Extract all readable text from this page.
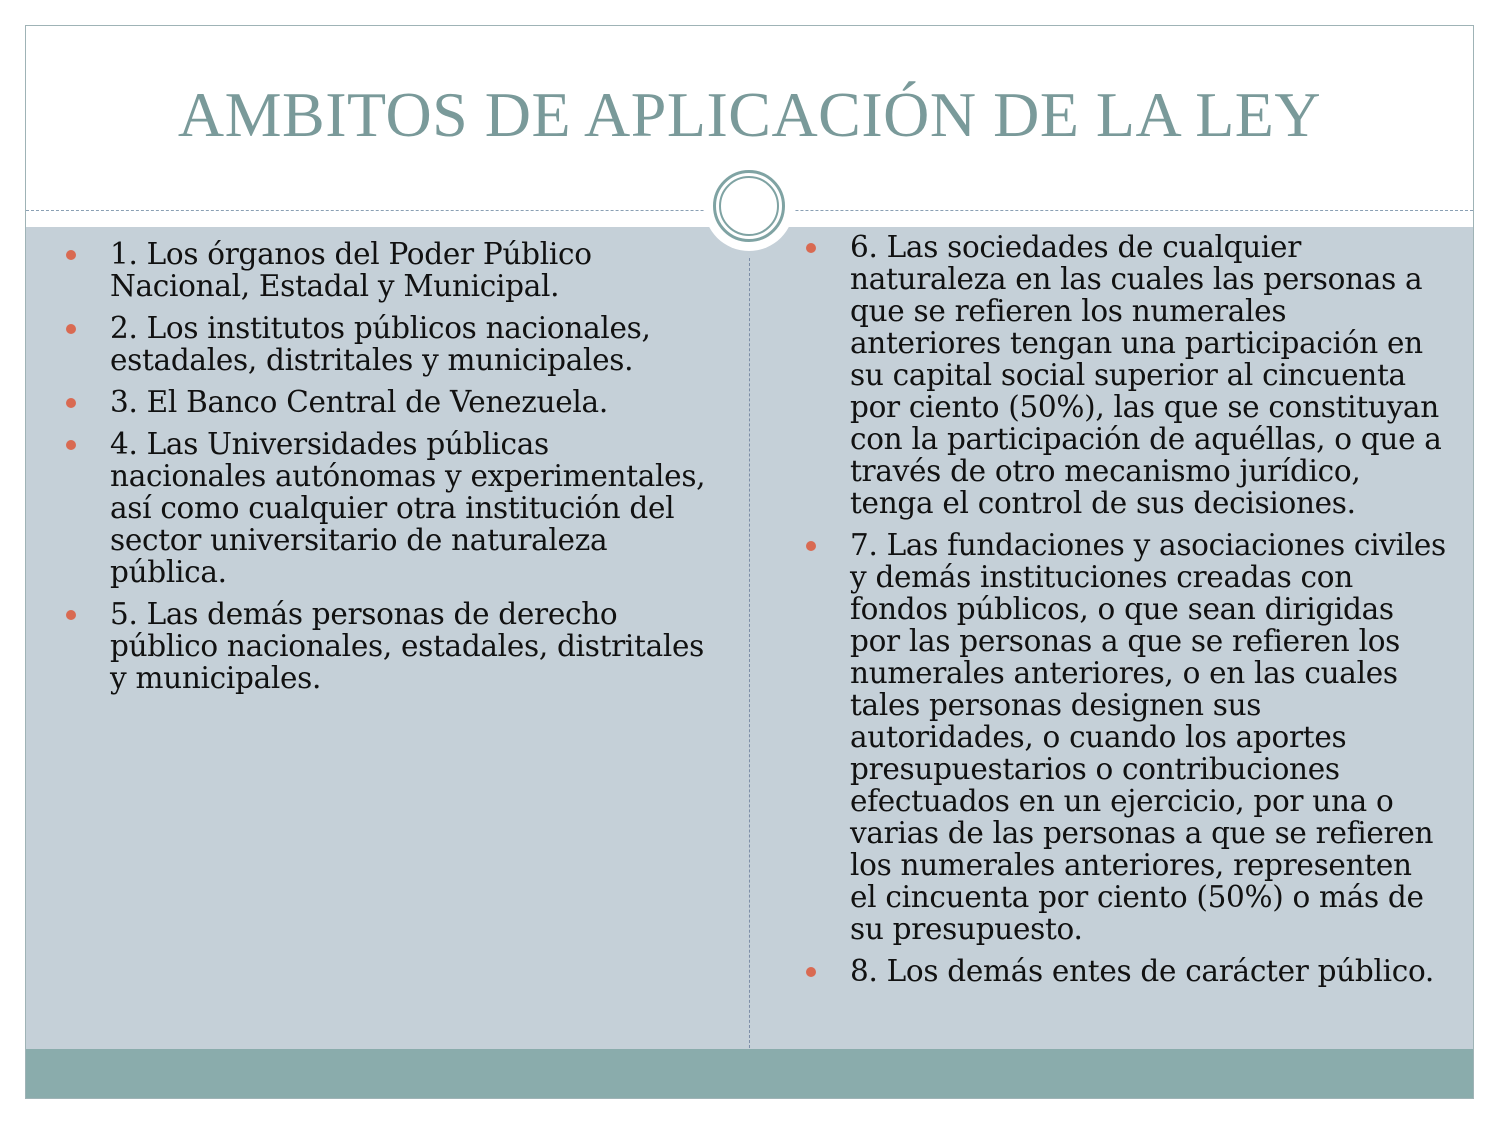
AMBITOS DE APLICACIÓN DE LA LEY
1. Los órganos del Poder Público Nacional, Estadal y Municipal.
2. Los institutos públicos nacionales, estadales, distritales y municipales.
3. El Banco Central de Venezuela.
4. Las Universidades públicas nacionales autónomas y experimentales, así como cualquier otra institución del sector universitario de naturaleza pública.
5. Las demás personas de derecho público nacionales, estadales, distritales y municipales.
6. Las sociedades de cualquier naturaleza en las cuales las personas a que se refieren los numerales anteriores tengan una participación en su capital social superior al cincuenta por ciento (50%), las que se constituyan con la participación de aquéllas, o que a través de otro mecanismo jurídico, tenga el control de sus decisiones.
7. Las fundaciones y asociaciones civiles y demás instituciones creadas con fondos públicos, o que sean dirigidas por las personas a que se refieren los numerales anteriores, o en las cuales tales personas designen sus autoridades, o cuando los aportes presupuestarios o contribuciones efectuados en un ejercicio, por una o varias de las personas a que se refieren los numerales anteriores, representen el cincuenta por ciento (50%) o más de su presupuesto.
8. Los demás entes de carácter público.
